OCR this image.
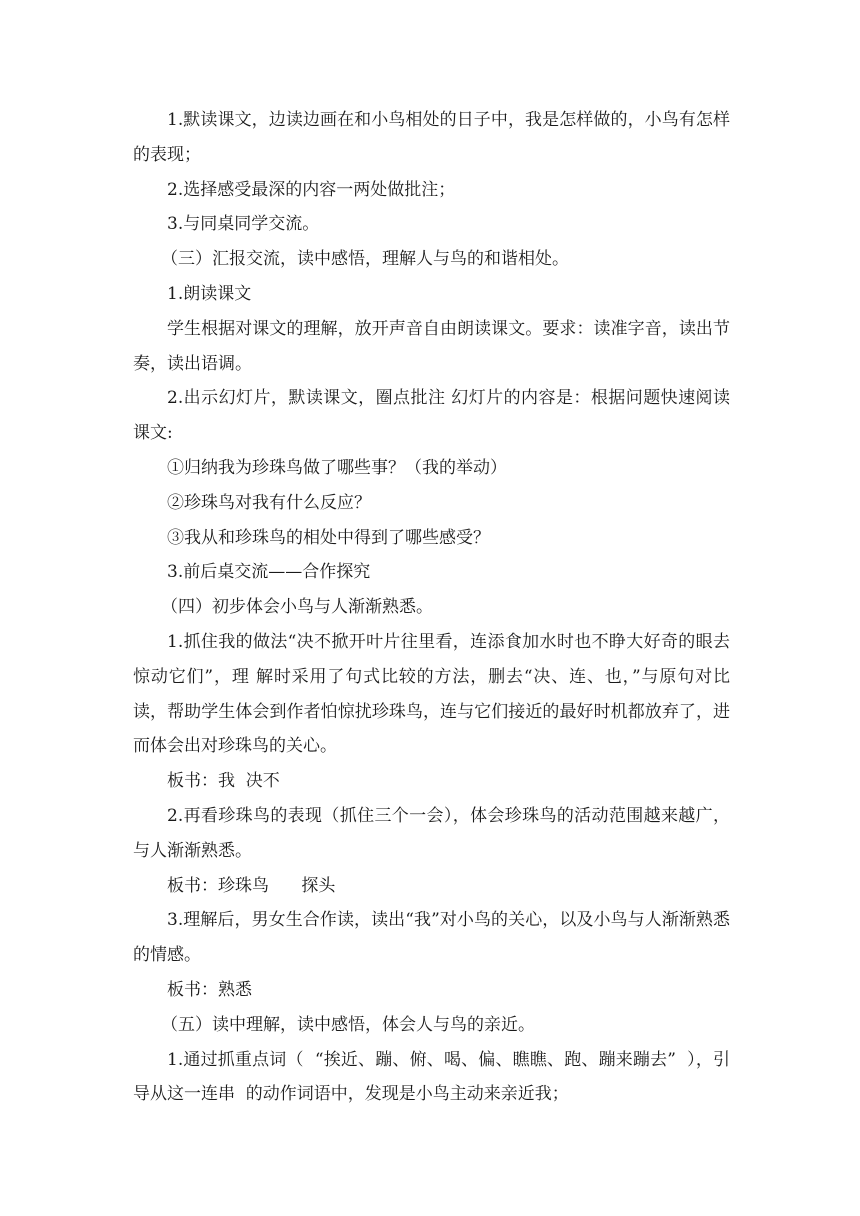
1.默读课文，边读边画在和小鸟相处的日子中，我是怎样做的，小鸟有怎样的表现；

2.选择感受最深的内容一两处做批注；

3.与同桌同学交流。

（三）汇报交流，读中感悟，理解人与鸟的和谐相处。

1.朗读课文

学生根据对课文的理解，放开声音自由朗读课文。要求：读准字音，读出节奏，读出语调。

2.出示幻灯片，默读课文，圈点批注 幻灯片的内容是：根据问题快速阅读课文:

①归纳我为珍珠鸟做了哪些事？（我的举动）

②珍珠鸟对我有什么反应？

③我从和珍珠鸟的相处中得到了哪些感受？

3.前后桌交流——合作探究

（四）初步体会小鸟与人渐渐熟悉。

1.抓住我的做法“决不掀开叶片往里看，连添食加水时也不睁大好奇的眼去惊动它们”，理 解时采用了句式比较的方法，删去“决、连、也，”与原句对比读，帮助学生体会到作者怕惊扰珍珠鸟，连与它们接近的最好时机都放弃了，进而体会出对珍珠鸟的关心。

板书：我  决不

2.再看珍珠鸟的表现（抓住三个一会），体会珍珠鸟的活动范围越来越广，与人渐渐熟悉。

板书：珍珠鸟      探头

3.理解后，男女生合作读，读出“我”对小鸟的关心，以及小鸟与人渐渐熟悉的情感。

板书：熟悉

（五）读中理解，读中感悟，体会人与鸟的亲近。

1.通过抓重点词（  “挨近、蹦、俯、喝、偏、瞧瞧、跑、蹦来蹦去”  ），引导从这一连串  的动作词语中，发现是小鸟主动来亲近我；
